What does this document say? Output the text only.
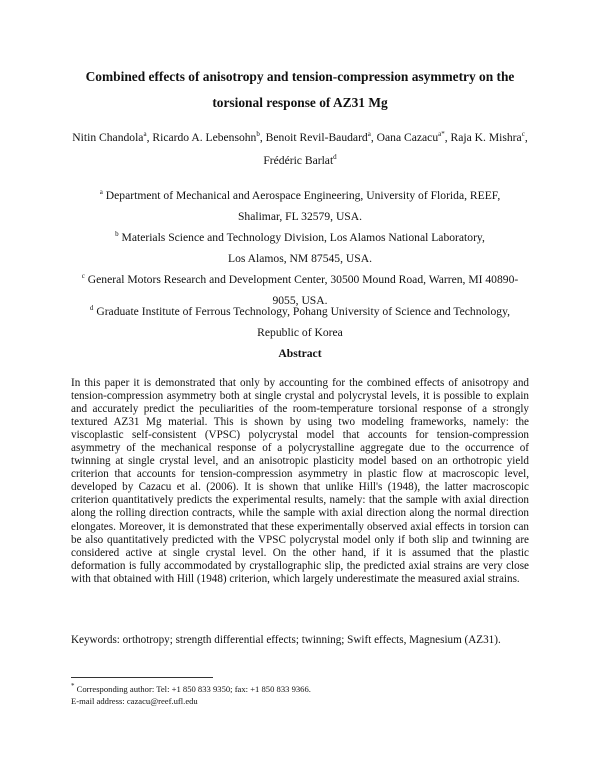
Combined effects of anisotropy and tension-compression asymmetry on the
torsional response of AZ31 Mg
Nitin Chandola$^a$, Ricardo A. Lebensohn$^b$, Benoit Revil-Baudard$^a$, Oana Cazacu$^{a*}$, Raja K. Mishra$^c$, Frédéric Barlat$^d$
$^a$ Department of Mechanical and Aerospace Engineering, University of Florida, REEF,
Shalimar, FL 32579, USA.
$^b$ Materials Science and Technology Division, Los Alamos National Laboratory,
Los Alamos, NM 87545, USA.
$^c$ General Motors Research and Development Center, 30500 Mound Road, Warren, MI 40890-
9055, USA.
$^d$ Graduate Institute of Ferrous Technology, Pohang University of Science and Technology,
Republic of Korea
Abstract

In this paper it is demonstrated that only by accounting for the combined effects of anisotropy and tension-compression asymmetry both at single crystal and polycrystal levels, it is possible to explain and accurately predict the peculiarities of the room-temperature torsional response of a strongly textured AZ31 Mg material. This is shown by using two modeling frameworks, namely: the viscoplastic self-consistent (VPSC) polycrystal model that accounts for tension-compression asymmetry of the mechanical response of a polycrystalline aggregate due to the occurrence of twinning at single crystal level, and an anisotropic plasticity model based on an orthotropic yield criterion that accounts for tension-compression asymmetry in plastic flow at macroscopic level, developed by Cazacu et al. (2006). It is shown that unlike Hill's (1948), the latter macroscopic criterion quantitatively predicts the experimental results, namely: that the sample with axial direction along the rolling direction contracts, while the sample with axial direction along the normal direction elongates. Moreover, it is demonstrated that these experimentally observed axial effects in torsion can be also quantitatively predicted with the VPSC polycrystal model only if both slip and twinning are considered active at single crystal level. On the other hand, if it is assumed that the plastic deformation is fully accommodated by crystallographic slip, the predicted axial strains are very close with that obtained with Hill (1948) criterion, which largely underestimate the measured axial strains.

Keywords: orthotropy; strength differential effects; twinning; Swift effects, Magnesium (AZ31).
* Corresponding author: Tel: +1 850 833 9350; fax: +1 850 833 9366.
E-mail address: cazacu@reef.ufl.edu
